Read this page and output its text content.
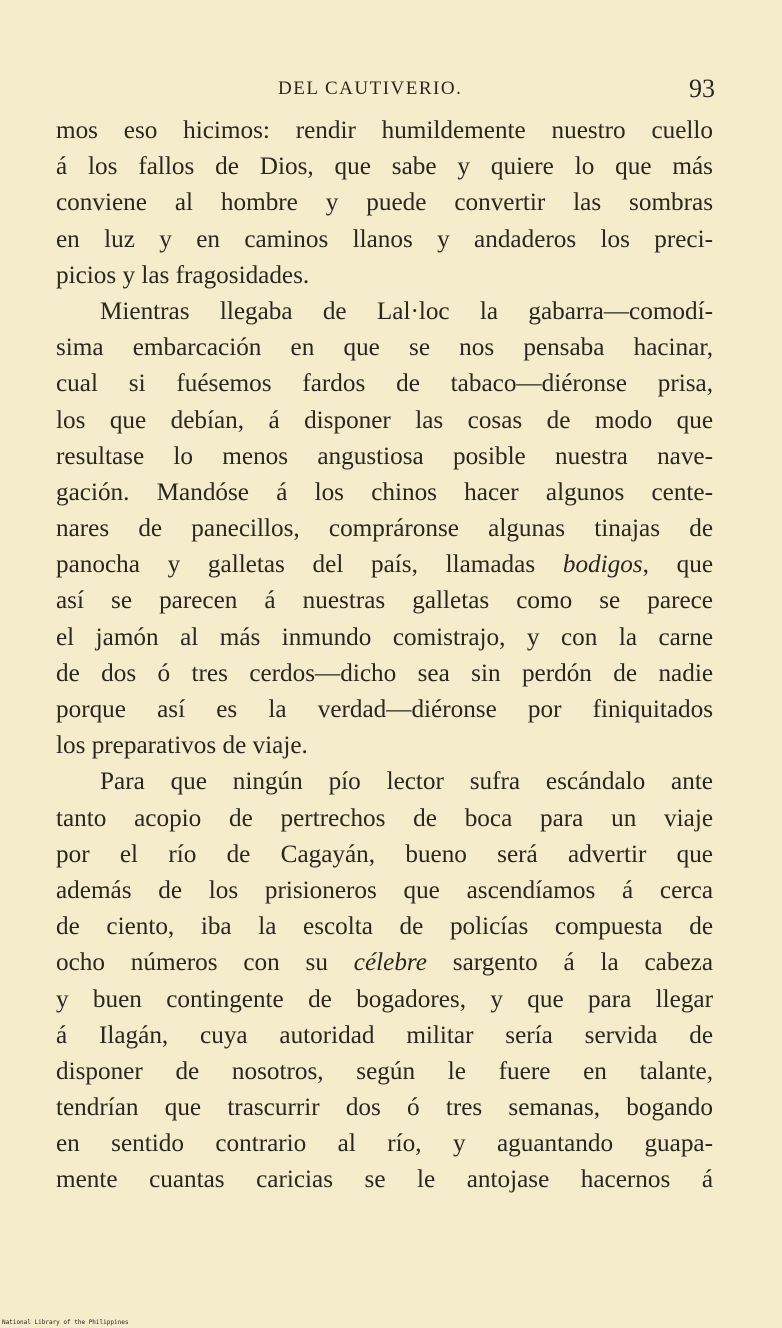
DEL CAUTIVERIO.	93
mos eso hicimos: rendir humildemente nuestro cuello
á los fallos de Dios, que sabe y quiere lo que más
conviene al hombre y puede convertir las sombras
en luz y en caminos llanos y andaderos los preci-
picios y las fragosidades.
Mientras llegaba de Lal·loc la gabarra—comodí-
sima embarcación en que se nos pensaba hacinar,
cual si fuésemos fardos de tabaco—diéronse prisa,
los que debían, á disponer las cosas de modo que
resultase lo menos angustiosa posible nuestra nave-
gación. Mandóse á los chinos hacer algunos cente-
nares de panecillos, compráronse algunas tinajas de
panocha y galletas del país, llamadas bodigos, que
así se parecen á nuestras galletas como se parece
el jamón al más inmundo comistrajo, y con la carne
de dos ó tres cerdos—dicho sea sin perdón de nadie
porque así es la verdad—diéronse por finiquitados
los preparativos de viaje.
Para que ningún pío lector sufra escándalo ante
tanto acopio de pertrechos de boca para un viaje
por el río de Cagayán, bueno será advertir que
además de los prisioneros que ascendíamos á cerca
de ciento, iba la escolta de policías compuesta de
ocho números con su célebre sargento á la cabeza
y buen contingente de bogadores, y que para llegar
á Ilagán, cuya autoridad militar sería servida de
disponer de nosotros, según le fuere en talante,
tendrían que trascurrir dos ó tres semanas, bogando
en sentido contrario al río, y aguantando guapa-
mente cuantas caricias se le antojase hacernos á
National Library of the Philippines
